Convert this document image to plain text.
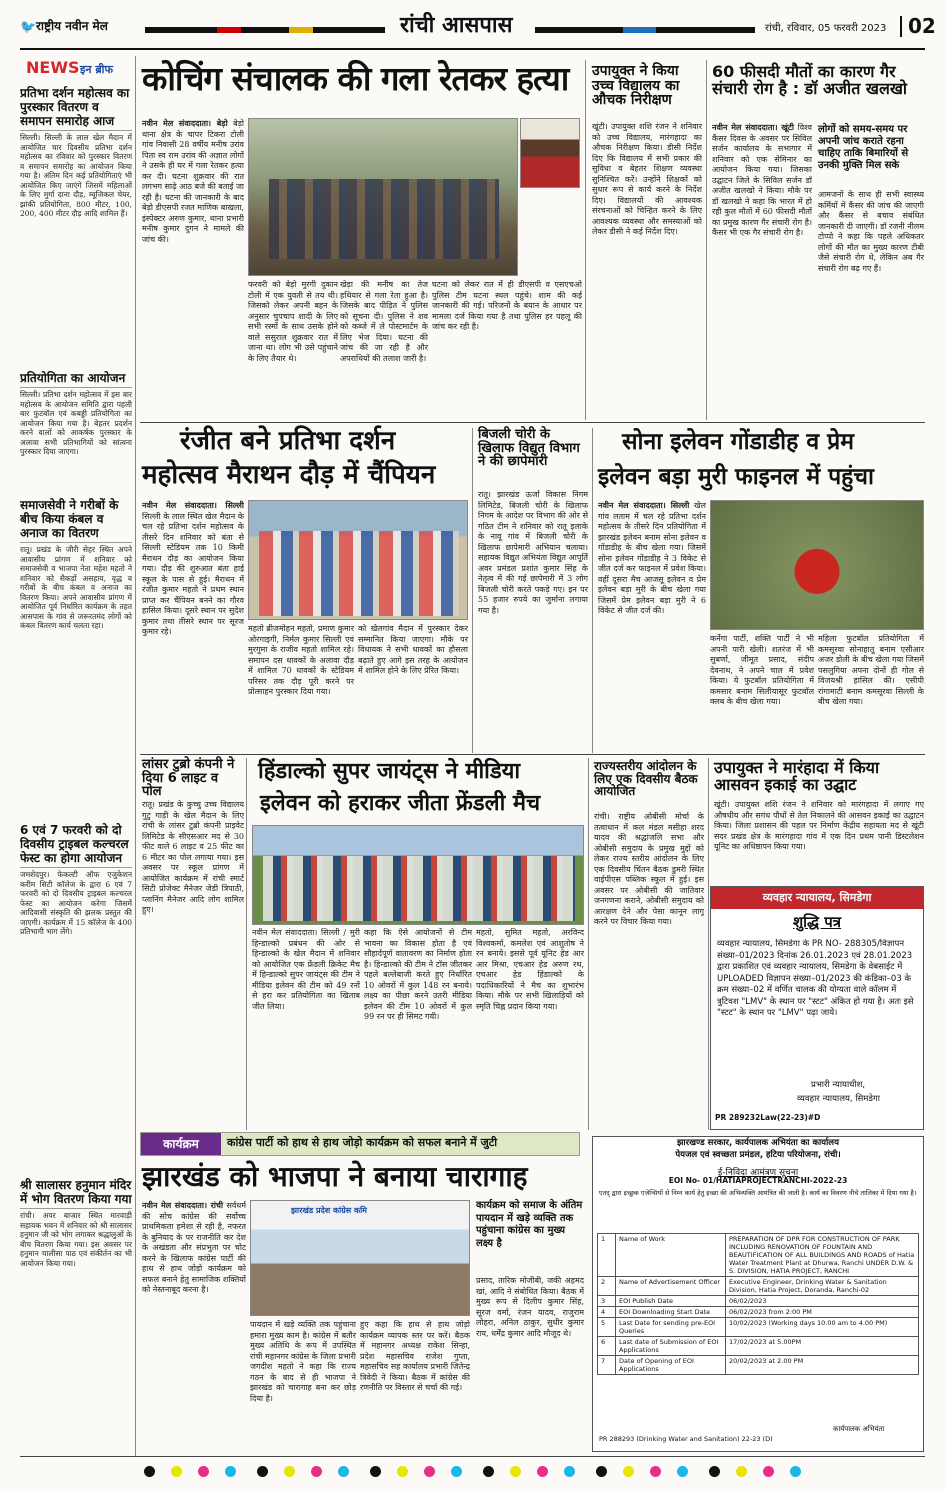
🐦 राष्ट्रीय नवीन मेल	रांची आसपास	रांची, रविवार, 05 फरवरी 2023	02
NEWS इन ब्रीफ
प्रतिभा दर्शन महोत्सव का पुरस्कार वितरण व समापन समारोह आज
सिल्ली। सिल्ली के लाल खेल मैदान में आयोजित चार दिवसीय प्रतिभा दर्शन महोत्सव का रविवार को पुरस्कार वितरण व समापन समारोह का आयोजन किया गया है। अंतिम दिन कई प्रतियोगिताएं भी आयोजित किए जाएंगे जिसमें महिलाओं के लिए मुर्गा दाना दौड़, म्यूजिकल चेयर, झांकी प्रतियोगिता, 800 मीटर, 100, 200, 400 मीटर दौड़ आदि शामिल हैं।
प्रतियोगिता का आयोजन
सिल्ली। प्रतिभा दर्शन महोत्सव में इस बार महोत्सव के आयोजन समिति द्वारा पहली बार फुटबॉल एवं कबड्डी प्रतियोगिता का आयोजन किया गया है। बेहतर प्रदर्शन करने वालों को आकर्षक पुरस्कार के अलावा सभी प्रतिभागियों को सांत्वना पुरस्कार दिया जाएगा।
समाजसेवी ने गरीबों के बीच किया कंबल व अनाज का वितरण
रातू। प्रखंड के जीरी सेहर स्थित अपने आवासीय प्रांगण में शनिवार को समाजसेवी व भाजपा नेता महेश महतो ने शनिवार को सैकड़ों असहाय, वृद्ध व गरीबों के बीच कंबल व अनाज का वितरण किया। अपने आवासीय प्रांगण में आयोजित पूर्व निर्धारित कार्यक्रम के तहत आसपास के गांव से जरूरतमंद लोगों को कंबल वितरण कार्य चलता रहा।
6 एवं 7 फरवरी को दो दिवसीय ट्राइबल कल्चरल फेस्ट का होगा आयोजन
जमशेदपुर। फेकल्टी ऑफ एजुकेशन करीम सिटी कॉलेज के द्वारा 6 एवं 7 फरवरी को दो दिवसीय ट्राइबल कल्चरल फेस्ट का आयोजन करेगा जिसमें आदिवासी संस्कृति की झलक प्रस्तुत की जाएगी। कार्यक्रम में 15 कॉलेज के 400 प्रतिभागी भाग लेंगे।
श्री सालासर हनुमान मंदिर में भोग वितरण किया गया
रांची। अपर बाजार स्थित मारवाड़ी सहायक भवन में शनिवार को श्री सालासर हनुमान जी को भोग लगाकर श्रद्धालुओं के बीच वितरण किया गया। इस अवसर पर हनुमान चालीसा पाठ एवं संकीर्तन का भी आयोजन किया गया।
कोचिंग संचालक की गला रेतकर हत्या
नवीन मेल संवाददाता। बेड़ो बेड़ो थाना क्षेत्र के चापर टिकरा टोली गांव निवासी 28 वर्षीय मनीष उरांव पिता स्व राम उरांव की अज्ञात लोगों ने उसके ही घर में गला रेतकर हत्या कर दी। घटना शुक्रवार की रात लगभग साढ़े आठ बजे की बताई जा रही है। घटना की जानकारी के बाद बेड़ो डीएसपी रजत माणिक बाखला, इंस्पेक्टर अरुण कुमार, थाना प्रभारी मनीष कुमार दुगन ने मामले की जांच की।
फरवरी को बेड़ो मुरगी दुकान टोली में एक युवती से तय थी। जिसको लेकर अपनी बहन के अनुसार चुपचाप शादी के लिए सभी रस्मों के साथ उसके होने वाले ससुराल शुक्रवार रात में जाना था। लोग भी उसे पहुंचाने के लिए तैयार थे।
खेड़ा की मनीष का तेज हथियार से गला रेता हुआ है। जिसके बाद पीड़ित ने पुलिस को सूचना दी। पुलिस ने शव को कब्जे में ले पोस्टमार्टम के लिए भेज दिया। घटना की जांच की जा रही है और अपराधियों की तलाश जारी है।
घटना को लेकर रात में ही डीएसपी व एसएचओ पुलिस टीम घटना स्थल पहुंचे। शाम की कई जानकारी की गई। परिजनों के बयान के आधार पर मामला दर्ज किया गया है तथा पुलिस हर पहलू की जांच कर रही है।
उपायुक्त ने किया उच्च विद्यालय का औचक निरीक्षण
खूंटी। उपायुक्त शशि रंजन ने शनिवार को उच्च विद्यालय, मारंगहादा का औचक निरीक्षण किया। डीसी निर्देश दिए कि विद्यालय में सभी प्रकार की सुविधा व बेहतर शिक्षण व्यवस्था सुनिश्चित करें। उन्होंने शिक्षकों को सुधार रूप से कार्य करने के निर्देश दिए। विद्यालयों की आवश्यक संरचनाओं को चिन्हित करने के लिए आवश्यक व्यवस्था और समस्याओं को लेकर डीसी ने कई निर्देश दिए।
60 फीसदी मौतों का कारण गैर संचारी रोग है : डॉ अजीत खलखो
नवीन मेल संवाददाता। खूंटी विश्व कैंसर दिवस के अवसर पर सिविल सर्जन कार्यालय के सभागार में शनिवार को एक सेमिनार का आयोजन किया गया। जिसका उद्घाटन जिले के सिविल सर्जन डॉ अजीत खलखो ने किया। मौके पर डॉ खलखो ने कहा कि भारत में हो रही कुल मौतों में 60 फीसदी मौतों का प्रमुख कारण गैर संचारी रोग है। कैंसर भी एक गैर संचारी रोग है।
लोगों को समय-समय पर अपनी जांच कराते रहना चाहिए ताकि बिमारियों से उनकी मुक्ति मिल सके
आमजनों के साथ ही सभी स्वास्थ्य कर्मियों में कैंसर की जांच की जाएगी और कैंसर से बचाव संबंधित जानकारी दी जाएगी। डॉ रजनी नीलम टोप्पो ने कहा कि पहले अधिकतर लोगों की मौत का मुख्य कारण टीबी जैसे संचारी रोग थे, लेकिन अब गैर संचारी रोग बढ़ गए हैं।
रंजीत बने प्रतिभा दर्शन
महोत्सव मैराथन दौड़ में चैंपियन
नवीन मेल संवाददाता। सिल्ली सिल्ली के लाल स्थित खेल मैदान के चल रहे प्रतिभा दर्शन महोत्सव के तीसरे दिन शनिवार को बंता से सिल्ली स्टेडियम तक 10 किमी मैराथन दौड़ का आयोजन किया गया। दौड़ की शुरुआत बंता हाई स्कूल के पास से हुई। मैराथन में रंजीत कुमार महतो ने प्रथम स्थान प्राप्त कर चैंपियन बनने का गौरव हासिल किया। दूसरे स्थान पर सुदेश कुमार तथा तीसरे स्थान पर सूरज कुमार रहे।	महतो ब्रीजमोहन महतो, प्रमाण कुमार ओरगाइगी, निर्मल कुमार सिल्ली एवं मुरगुमा के राजीव महतो शामिल रहे। समापन दस धावकों के अलावा दौड़ में शामिल 70 धावकों के स्टेडियम परिसर तक दौड़ पूरी करने पर प्रोत्साहन पुरस्कार दिया गया।
को खेलगांव मैदान में पुरस्कार देकर सम्मानित किया जाएगा। मौके पर विधायक ने सभी धावकों का हौसला बढ़ाते हुए आगे इस तरह के आयोजन में शामिल होने के लिए प्रेरित किया।
बिजली चोरी के खिलाफ विद्युत विभाग ने की छापेमारी
रातू। झारखंड ऊर्जा विकास निगम लिमिटेड, बिजली चोरी के खिलाफ निगम के आदेश पर विभाग की ओर से गठित टीम ने शनिवार को रातू इलाके के नावू गांव में बिजली चोरी के खिलाफ छापेमारी अभियान चलाया। सहायक विद्युत अभियंता विद्युत आपूर्ति अवर प्रमंडल प्रशांत कुमार सिंह के नेतृत्व में की गई छापेमारी में 3 लोग बिजली चोरी करते पकड़े गए। इन पर 55 हजार रुपये का जुर्माना लगाया गया है।
सोना इलेवन गोंडाडीह व प्रेम
इलेवन बड़ा मुरी फाइनल में पहुंचा
नवीन मेल संवाददाता। सिल्ली खेल गांव लताम में चल रहे प्रतिभा दर्शन महोत्सव के तीसरे दिन प्रतियोगिता में झारखंड इलेवन बनाम सोना इलेवन व गोंडाडीह के बीच खेला गया। जिसमें सोना इलेवन गोंडाडीह ने 3 विकेट से जीत दर्ज कर फाइनल में प्रवेश किया। वहीं दूसरा मैच आजसू इलेवन व प्रेम इलेवन बड़ा मुरी के बीच खेला गया जिसमें प्रेम इलेवन बड़ा मुरी ने 6 विकेट से जीत दर्ज की।
कर्नेगा पार्टी, शक्ति पार्टी ने भी अपनी पारी खेली। शतरंज में भी सुबर्णा, जीमूत प्रसाद, संदीप देवनाथ, ने अपने चाल में प्रवेश किया। ये फुटबॉल प्रतियोगिता में कमसार बनाम सिलीयासूर फुटबॉल क्लब के बीच खेला गया।
महिला फुटबॉल प्रतियोगिता में कमसूरवा सोनाहातू बनाम एसीआर अजर डोली के बीच खेला गया जिसमें पसलुगिया अपना दोनों ही गोल से विजयश्री हासिल की। एसीपी रांगामाटी बनाम कमसूरवा सिल्ली के बीच खेला गया।
लांसर टुब्रो कंपनी ने दिया 6 लाइट व पोल
रातू। प्रखंड के कुच्चु उच्च विद्यालय गुटु गाड़ी के खेल मैदान के लिए रांची के लांसर टुब्रो कंपनी प्राइवेट लिमिटेड के सीएसआर मद से 30 फीट वाले 6 लाइट व 25 फीट का 6 मीटर का पोल लगाया गया। इस अवसर पर स्कूल प्रांगण में आयोजित कार्यक्रम में रांची स्मार्ट सिटी प्रोजेक्ट मैनेजर जेडी त्रिपाठी, प्लानिंग मैनेजर आदि लोग शामिल हुए।
हिंडाल्को सुपर जायंट्स ने मीडिया
इलेवन को हराकर जीता फ्रेंडली मैच
नवीन मेल संवाददाता। सिल्ली / मुरी हिन्डाल्को प्रबंधन की ओर से हिन्डाल्को के खेल मैदान में शनिवार को आयोजित एक फ्रेंडली क्रिकेट मैच में हिन्डाल्को सुपर जायंट्स की टीम ने मीडिया इलेवन की टीम को 49 रनों से हरा कर प्रतियोगिता का खिताब जीत लिया।
कहा कि ऐसे आयोजनों से टीम भावना का विकास होता है एवं सौहार्दपूर्ण वातावरण का निर्माण होता है। हिन्डाल्को की टीम ने टॉस जीतकर पहले बल्लेबाजी करते हुए निर्धारित 10 ओवरों में कुल 148 रन बनाये। लक्ष्य का पीछा करने उतरी मीडिया इलेवन की टीम 10 ओवरों में कुल 99 रन पर ही सिमट गयी।
महतो, सुमित महतो, अरविन्द विश्वकर्मा, कमलेश एवं आशुतोष ने रन बनाये। इससे पूर्व यूनिट हेड आर आर मिश्रा, एचआर हेड अरुण रथ, एचआर हेड हिंडाल्को के पदाधिकारियों ने मैच का शुभारंभ किया। मौके पर सभी खिलाड़ियों को स्मृति चिह्न प्रदान किया गया।
राज्यस्तरीय आंदोलन के लिए एक दिवसीय बैठक आयोजित
रांची। राष्ट्रीय ओबीसी मोर्चा के तत्वाधान में कल मंडल मसीहा शरद यादव की श्रद्धांजलि सभा और ओबीसी समुदाय के प्रमुख मुद्दों को लेकर राज्य स्तरीय आंदोलन के लिए एक दिवसीय चिंतन बैठक डुमरी स्थित वाईपीएस पब्लिक स्कूल में हुई। इस अवसर पर ओबीसी की जातिवार जनगणना कराने, ओबीसी समुदाय को आरक्षण देने और पेसा कानून लागू करने पर विचार किया गया।
उपायुक्त ने मारंहादा में किया आसवन इकाई का उद्घाट
खूंटी। उपायुक्त शशि रंजन ने शनिवार को मारंगहादा में लगाए गए औषधीय और सगंध पौधों से तेल निकालने की आसवन इकाई का उद्घाटन किया। जिला प्रशासन की पहल पर निर्माण केंद्रीय सहायता मद से खूंटी सदर प्रखंड क्षेत्र के मारंगहादा गांव में एक दिन प्रथम पानी डिस्टलेशन यूनिट का अधिष्ठापन किया गया।
व्यवहार न्यायालय, सिमडेगा
शुद्धि पत्र
व्यवहार न्यायालय, सिमडेगा के PR NO- 288305/विज्ञापन संख्या–01/2023 दिनांक 26.01.2023 एवं 28.01.2023 द्वारा प्रकाशित एवं व्यवहार न्यायालय, सिमडेगा के वेबसाईट में UPLOADED विज्ञापन संख्या–01/2023 की कंडिका–03 के क्रम संख्या–02 में वर्णित चालक की योग्यता वाले कॉलम में त्रुटिवश "LMV" के स्थान पर "स्टट" अंकित हो गया है। अतः इसे "स्टट" के स्थान पर "LMV" पढ़ा जाये।
प्रभारी न्यायाधीश,
व्यवहार न्यायालय, सिमडेगा
PR 289232Law(22-23)#D
कार्यक्रम	कांग्रेस पार्टी को हाथ से हाथ जोड़ो कार्यक्रम को सफल बनाने में जुटी
झारखंड को भाजपा ने बनाया चारागाह
नवीन मेल संवाददाता। रांची सर्वधर्म की सोच कांग्रेस की सर्वोच्च प्राथमिकता हमेशा से रही है, नफरत के बुनियाद के पर राजनीति कर देश के अखंडता और संप्रभुता पर चोट करने के खिलाफ कांग्रेस पार्टी की हाथ से हाथ जोड़ो कार्यक्रम को सफल बनाने हेतु सामाजिक शक्तियों को नेस्तनाबूद करना है।
झारखंड प्रदेश कांग्रेस कमि
पायदान में खड़े व्यक्ति तक पहुंचाना हमारा मुख्य काम है। कांग्रेस में बतौर मुख्य अतिथि के रूप में उपस्थित रांची महानगर कांग्रेस के जिला प्रभारी जगदीश महतो ने कहा कि राज्य गठन के बाद से ही भाजपा ने झारखंड को चारागाह बना कर छोड़ दिया है।
हुए कहा कि हाथ से हाथ जोड़ो कार्यक्रम व्यापक स्तर पर करें। बैठक में महानगर अध्यक्ष राकेश सिन्हा, प्रदेश महासचिव राजेश गुप्ता, महासचिव सह कार्यालय प्रभारी जितेन्द्र त्रिवेदी ने किया। बैठक में कांग्रेस की रणनीति पर विस्तार से चर्चा की गई।
कार्यक्रम को समाज के अंतिम पायदान में खड़े व्यक्ति तक पहुंचाना कांग्रेस का मुख्य लक्ष्य है
प्रसाद, तारिक मोजीबी, जकी अहमद खां, आदि ने संबोधित किया। बैठक में मुख्य रूप से दिलीप कुमार सिंह, सूरज वर्मा, रंजन यादव, राजुराम लोहरा, अनिल ठाकुर, सुधीर कुमार राय, धर्मेंद्र कुमार आदि मौजूद थे।
झारखण्ड सरकार, कार्यपालक अभियंता का कार्यालय
पेयजल एवं स्वच्छता प्रमंडल, हटिया परियोजना, रांची।
ई-निविदा आमंत्रण सूचना
EOI No- 01/HATIAPROJECTRANCHI-2022-23
एतद् द्वारा इच्छुक एजेन्सियों से निम्न कार्य हेतु इच्छा की अभिव्यक्ति आमंत्रित की जाती है। कार्य का विवरण नीचे तालिका में दिया गया है।
1	Name of Work	PREPARATION OF DPR FOR CONSTRUCTION OF PARK INCLUDING RENOVATION OF FOUNTAIN AND BEAUTIFICATION OF ALL BUILDINGS AND ROADS of Hatia Water Treatment Plant at Dhurwa, Ranchi UNDER D.W. & S. DIVISION, HATIA PROJECT, RANCHI
2	Name of Advertisement Officer	Executive Engineer, Drinking Water & Sanitation Division, Hatia Project, Doranda, Ranchi-02
3	EOI Publish Date	06/02/2023
4	EOI Downloading Start Date	06/02/2023 from 2:00 PM
5	Last Date for sending pre-EOI Queries	10/02/2023 (Working days 10.00 am to 4.00 PM)
6	Last date of Submission of EOI Applications	17/02/2023 at 5.00PM
7	Date of Opening of EOI Applications	20/02/2023 at 2.00 PM
PR 288293 (Drinking Water and Sanitation) 22-23 (D)
कार्यपालक अभियंता
